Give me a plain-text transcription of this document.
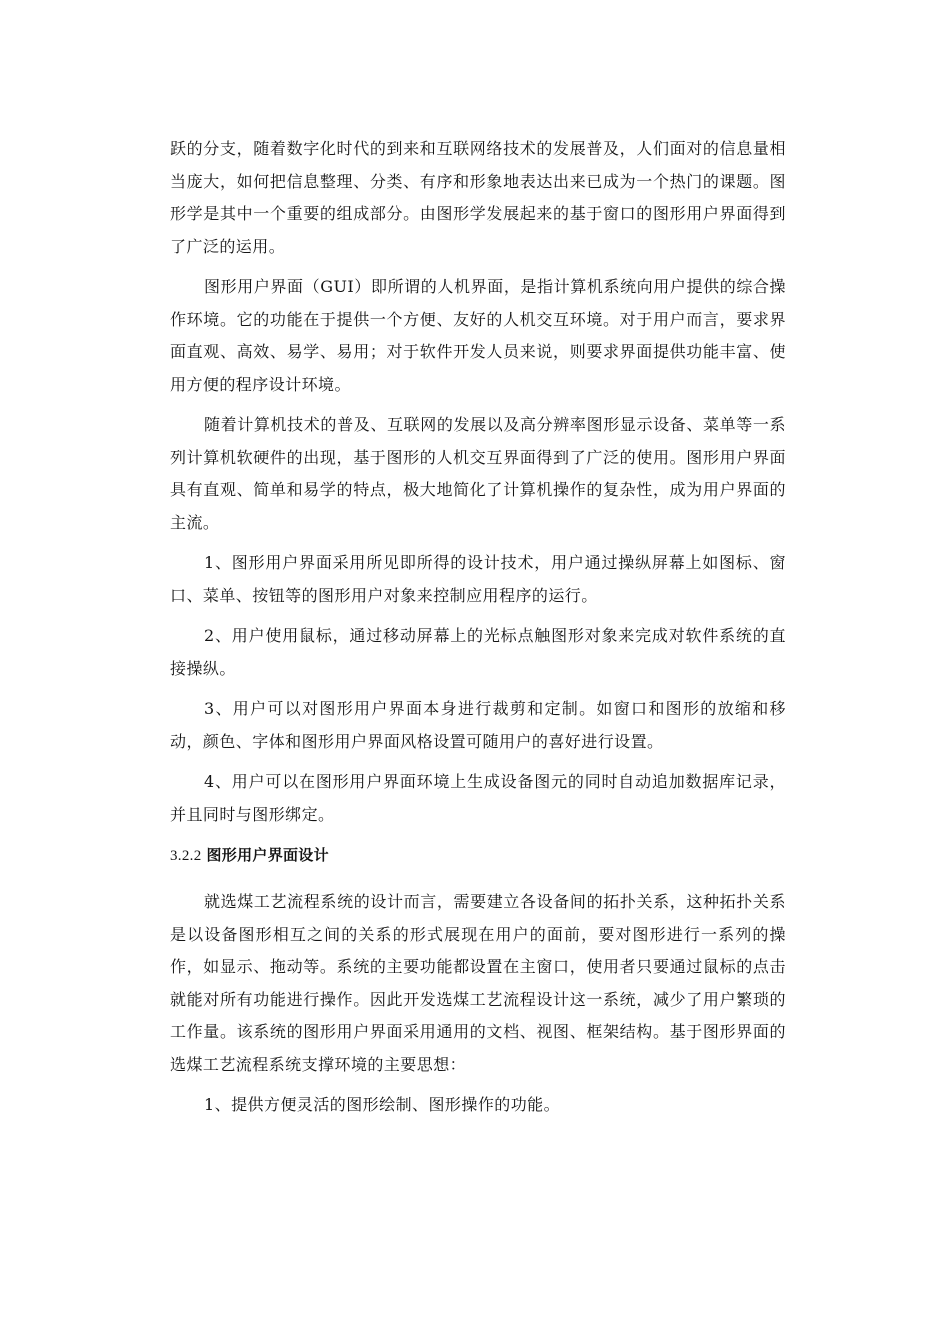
跃的分支，随着数字化时代的到来和互联网络技术的发展普及，人们面对的信息量相当庞大，如何把信息整理、分类、有序和形象地表达出来已成为一个热门的课题。图形学是其中一个重要的组成部分。由图形学发展起来的基于窗口的图形用户界面得到了广泛的运用。

图形用户界面（GUI）即所谓的人机界面，是指计算机系统向用户提供的综合操作环境。它的功能在于提供一个方便、友好的人机交互环境。对于用户而言，要求界面直观、高效、易学、易用；对于软件开发人员来说，则要求界面提供功能丰富、使用方便的程序设计环境。

随着计算机技术的普及、互联网的发展以及高分辨率图形显示设备、菜单等一系列计算机软硬件的出现，基于图形的人机交互界面得到了广泛的使用。图形用户界面具有直观、简单和易学的特点，极大地简化了计算机操作的复杂性，成为用户界面的主流。

1、图形用户界面采用所见即所得的设计技术，用户通过操纵屏幕上如图标、窗口、菜单、按钮等的图形用户对象来控制应用程序的运行。

2、用户使用鼠标，通过移动屏幕上的光标点触图形对象来完成对软件系统的直接操纵。

3、用户可以对图形用户界面本身进行裁剪和定制。如窗口和图形的放缩和移动，颜色、字体和图形用户界面风格设置可随用户的喜好进行设置。

4、用户可以在图形用户界面环境上生成设备图元的同时自动追加数据库记录，并且同时与图形绑定。

3.2.2 图形用户界面设计

就选煤工艺流程系统的设计而言，需要建立各设备间的拓扑关系，这种拓扑关系是以设备图形相互之间的关系的形式展现在用户的面前，要对图形进行一系列的操作，如显示、拖动等。系统的主要功能都设置在主窗口，使用者只要通过鼠标的点击就能对所有功能进行操作。因此开发选煤工艺流程设计这一系统，减少了用户繁琐的工作量。该系统的图形用户界面采用通用的文档、视图、框架结构。基于图形界面的选煤工艺流程系统支撑环境的主要思想：

1、提供方便灵活的图形绘制、图形操作的功能。
